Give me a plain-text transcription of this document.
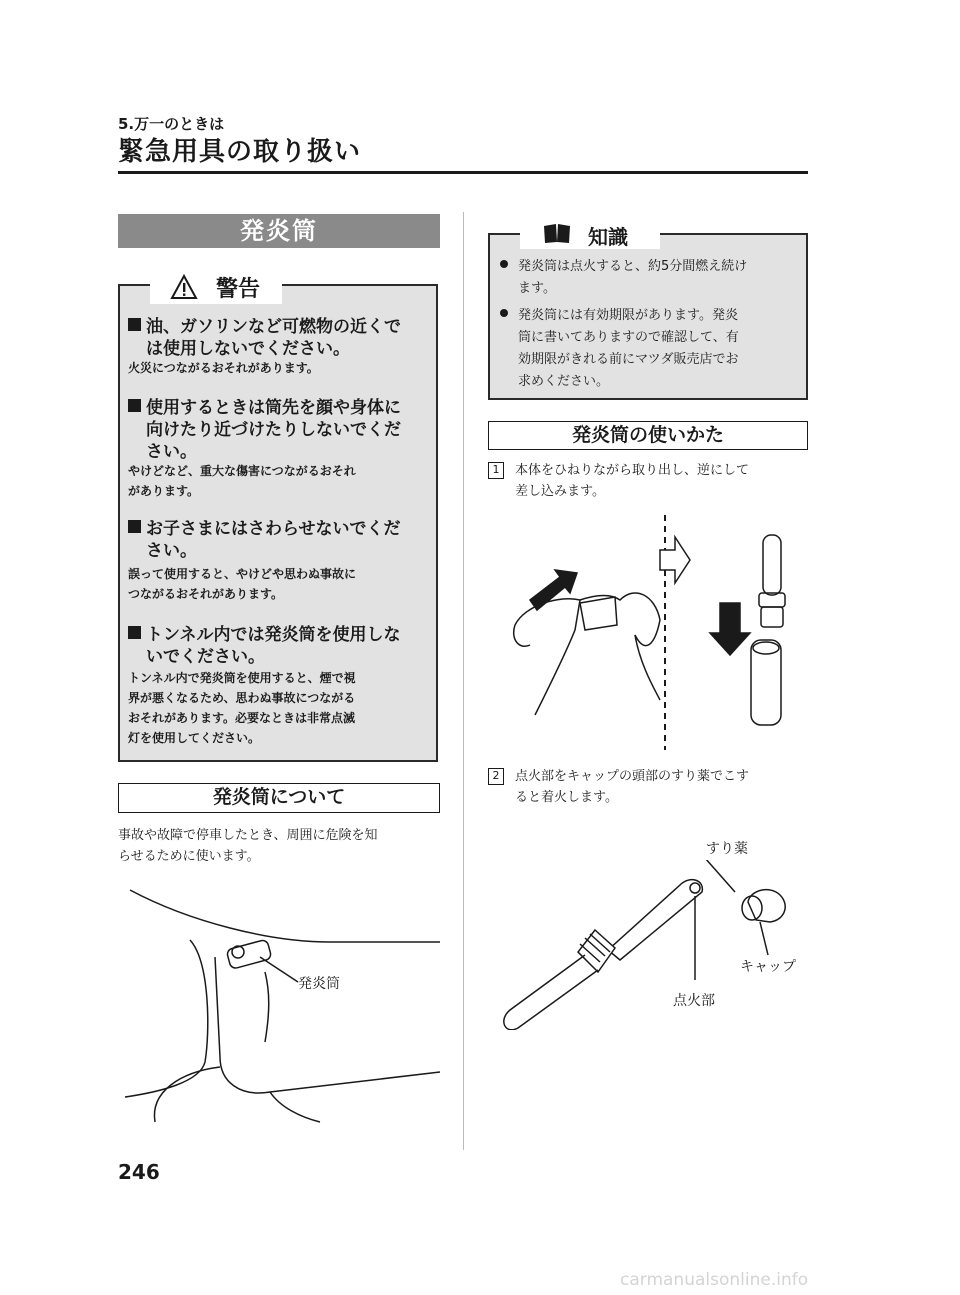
5.万一のときは
緊急用具の取り扱い
発炎筒
警告
油、ガソリンなど可燃物の近くで
は使用しないでください。
火災につながるおそれがあります。
使用するときは筒先を顔や身体に
向けたり近づけたりしないでくだ
さい。
やけどなど、重大な傷害につながるおそれ
があります。
お子さまにはさわらせないでくだ
さい。
誤って使用すると、やけどや思わぬ事故に
つながるおそれがあります。
トンネル内では発炎筒を使用しな
いでください。
トンネル内で発炎筒を使用すると、煙で視
界が悪くなるため、思わぬ事故につながる
おそれがあります。必要なときは非常点滅
灯を使用してください。
発炎筒について
事故や故障で停車したとき、周囲に危険を知
らせるために使います。
発炎筒
知識
発炎筒は点火すると、約5分間燃え続け
ます。
発炎筒には有効期限があります。発炎
筒に書いてありますので確認して、有
効期限がきれる前にマツダ販売店でお
求めください。
発炎筒の使いかた
1 本体をひねりながら取り出し、逆にして
差し込みます。
2 点火部をキャップの頭部のすり薬でこす
ると着火します。
すり薬
キャップ
点火部
246
carmanualsonline.info
